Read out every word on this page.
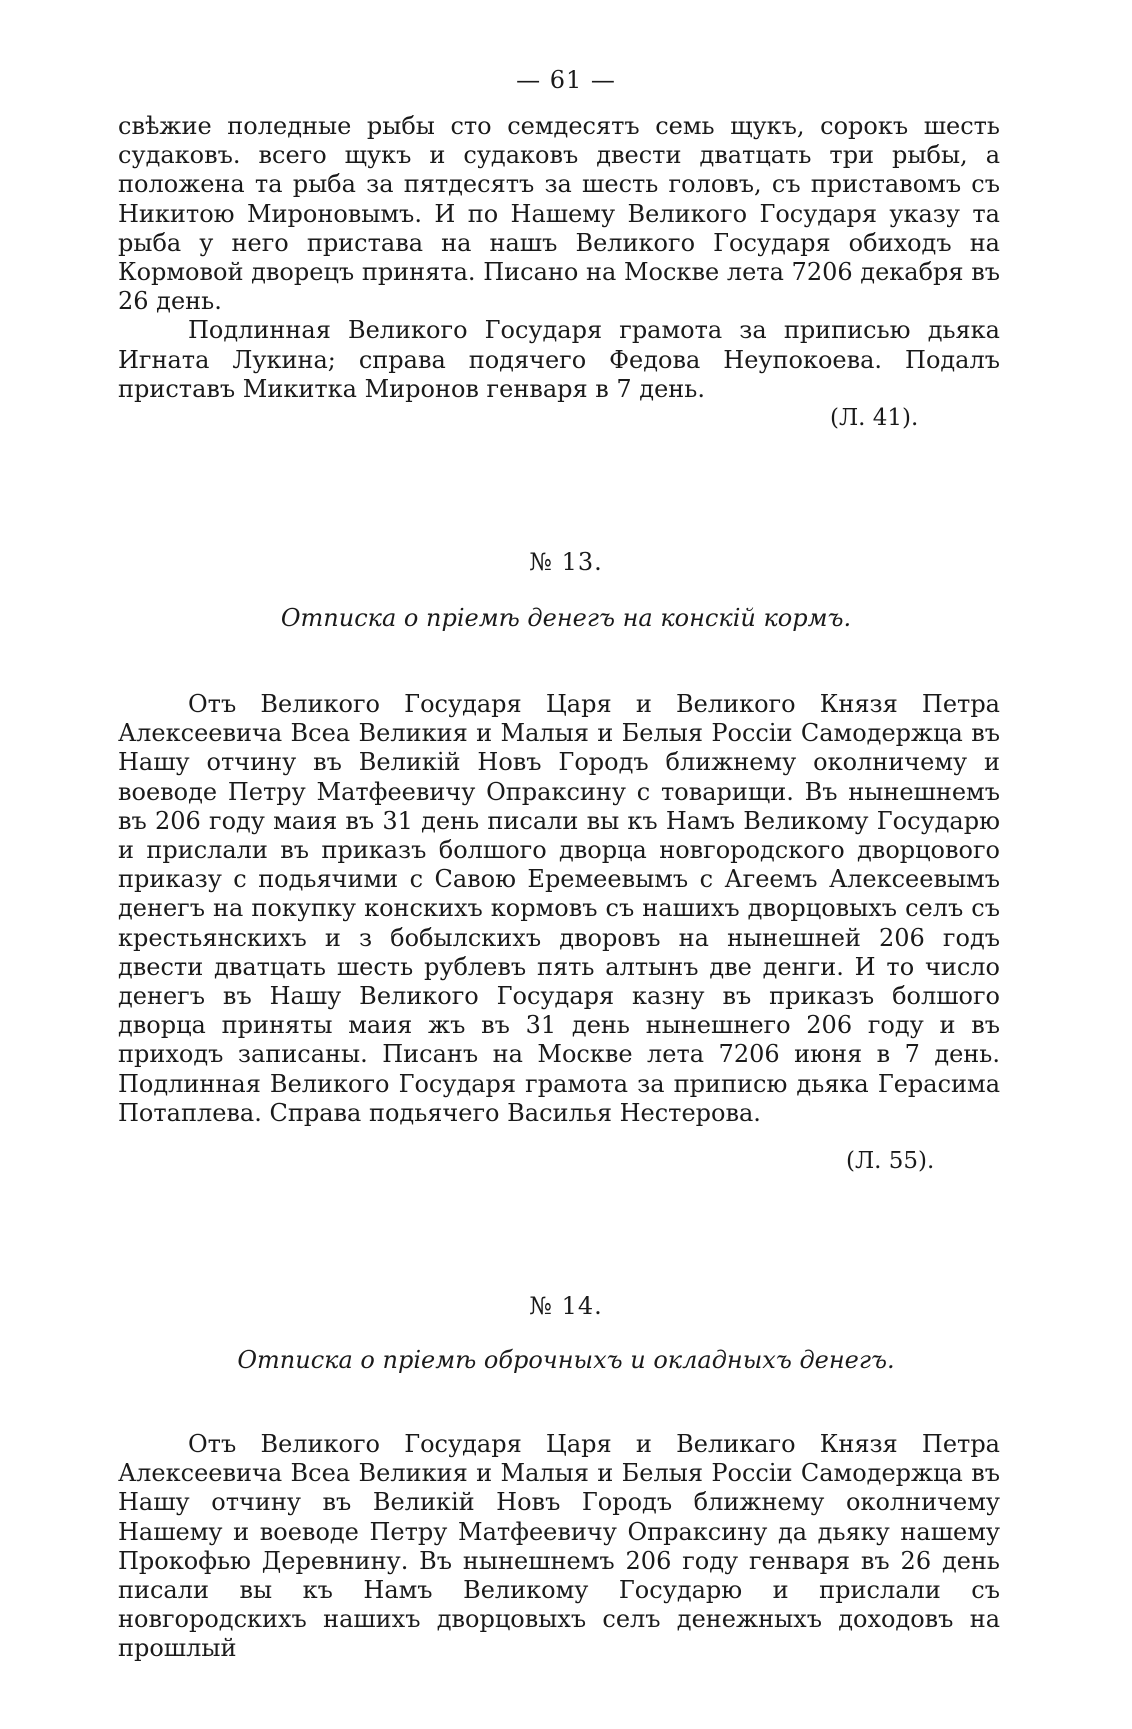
— 61 —

свѣжие поледные рыбы сто семдесятъ семь щукъ, сорокъ шесть судаковъ. всего щукъ и судаковъ двести дватцать три рыбы, а положена та рыба за пятдесятъ за шесть головъ, съ приставомъ съ Никитою Мироновымъ. И по Нашему Великого Государя указу та рыба у него пристава на нашъ Великого Государя обиходъ на Кормовой дворецъ принята. Писано на Москве лета 7206 декабря въ 26 день.

Подлинная Великого Государя грамота за приписью дьяка Игната Лукина; справа подячего Федова Неупокоева. Подалъ приставъ Микитка Миронов генваря в 7 день.

(Л. 41).
№ 13.
Отписка о прiемѣ денегъ на конскiй кормъ.

Отъ Великого Государя Царя и Великого Князя Петра Алексеевича Всеа Великия и Малыя и Белыя Россiи Самодержца въ Нашу отчину въ Великiй Новъ Городъ ближнему околничему и воеводе Петру Матфеевичу Опраксину с товарищи. Въ нынешнемъ въ 206 году маия въ 31 день писали вы къ Намъ Великому Государю и прислали въ приказъ болшого дворца новгородского дворцового приказу с подьячими с Савою Еремеевымъ с Агеемъ Алексеевымъ денегъ на покупку конскихъ кормовъ съ нашихъ дворцовыхъ селъ съ крестьянскихъ и з бобылскихъ дворовъ на нынешней 206 годъ двести дватцать шесть рублевъ пять алтынъ две денги. И то число денегъ въ Нашу Великого Государя казну въ приказъ болшого дворца приняты маия жъ въ 31 день нынешнего 206 году и въ приходъ записаны. Писанъ на Москве лета 7206 июня в 7 день. Подлинная Великого Государя грамота за приписю дьяка Герасима Потаплева. Справа подьячего Василья Нестерова.

(Л. 55).
№ 14.
Отписка о прiемѣ оброчныхъ и окладныхъ денегъ.

Отъ Великого Государя Царя и Великаго Князя Петра Алексеевича Всеа Великия и Малыя и Белыя Россiи Самодержца въ Нашу отчину въ Великiй Новъ Городъ ближнему околничему Нашему и воеводе Петру Матфеевичу Опраксину да дьяку нашему Прокофью Деревнину. Въ нынешнемъ 206 году генваря въ 26 день писали вы къ Намъ Великому Государю и прислали съ новгородскихъ нашихъ дворцовыхъ селъ денежныхъ доходовъ на прошлый
